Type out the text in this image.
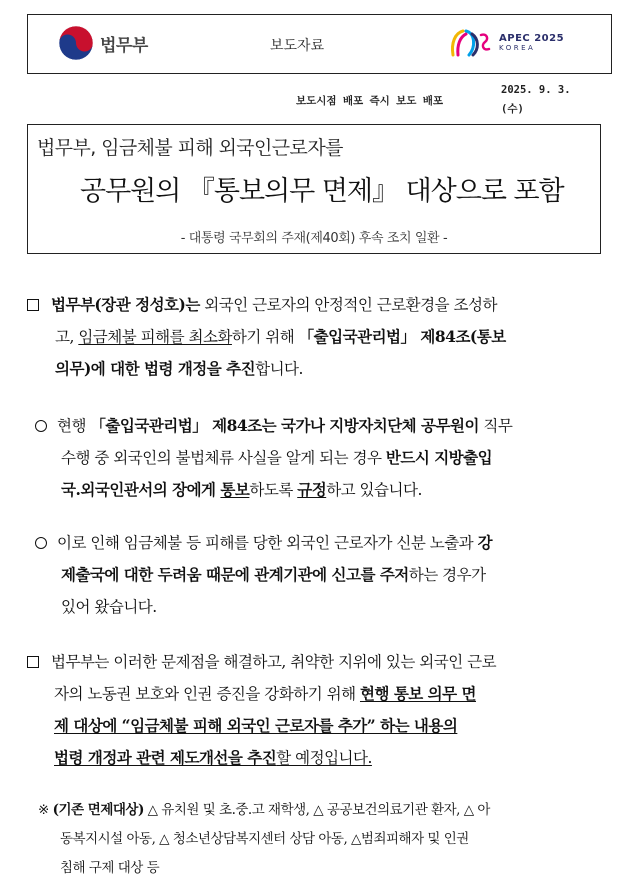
법무부	보도자료	APEC 2025
KOREA
보도시점 배포 즉시 보도 배포
2025. 9. 3.
(수)
법무부, 임금체불 피해 외국인근로자를
공무원의 『통보의무 면제』 대상으로 포함
- 대통령 국무회의 주재(제40회) 후속 조치 일환 -
법무부(장관 정성호)는 외국인 근로자의 안정적인 근로환경을 조성하
고, 임금체불 피해를 최소화하기 위해 「출입국관리법」 제84조(통보
의무)에 대한 법령 개정을 추진합니다.
현행 「출입국관리법」 제84조는 국가나 지방자치단체 공무원이 직무
수행 중 외국인의 불법체류 사실을 알게 되는 경우 반드시 지방출입
국.외국인관서의 장에게 통보하도록 규정하고 있습니다.
이로 인해 임금체불 등 피해를 당한 외국인 근로자가 신분 노출과 강
제출국에 대한 두려움 때문에 관계기관에 신고를 주저하는 경우가
있어 왔습니다.
법무부는 이러한 문제점을 해결하고, 취약한 지위에 있는 외국인 근로
자의 노동권 보호와 인권 증진을 강화하기 위해 현행 통보 의무 면
제 대상에 “임금체불 피해 외국인 근로자를 추가” 하는 내용의
법령 개정과 관련 제도개선을 추진할 예정입니다.
※ (기존 면제대상) △ 유치원 및 초.중.고 재학생, △ 공공보건의료기관 환자, △ 아
동복지시설 아동, △ 청소년상담복지센터 상담 아동, △범죄피해자 및 인권
침해 구제 대상 등
